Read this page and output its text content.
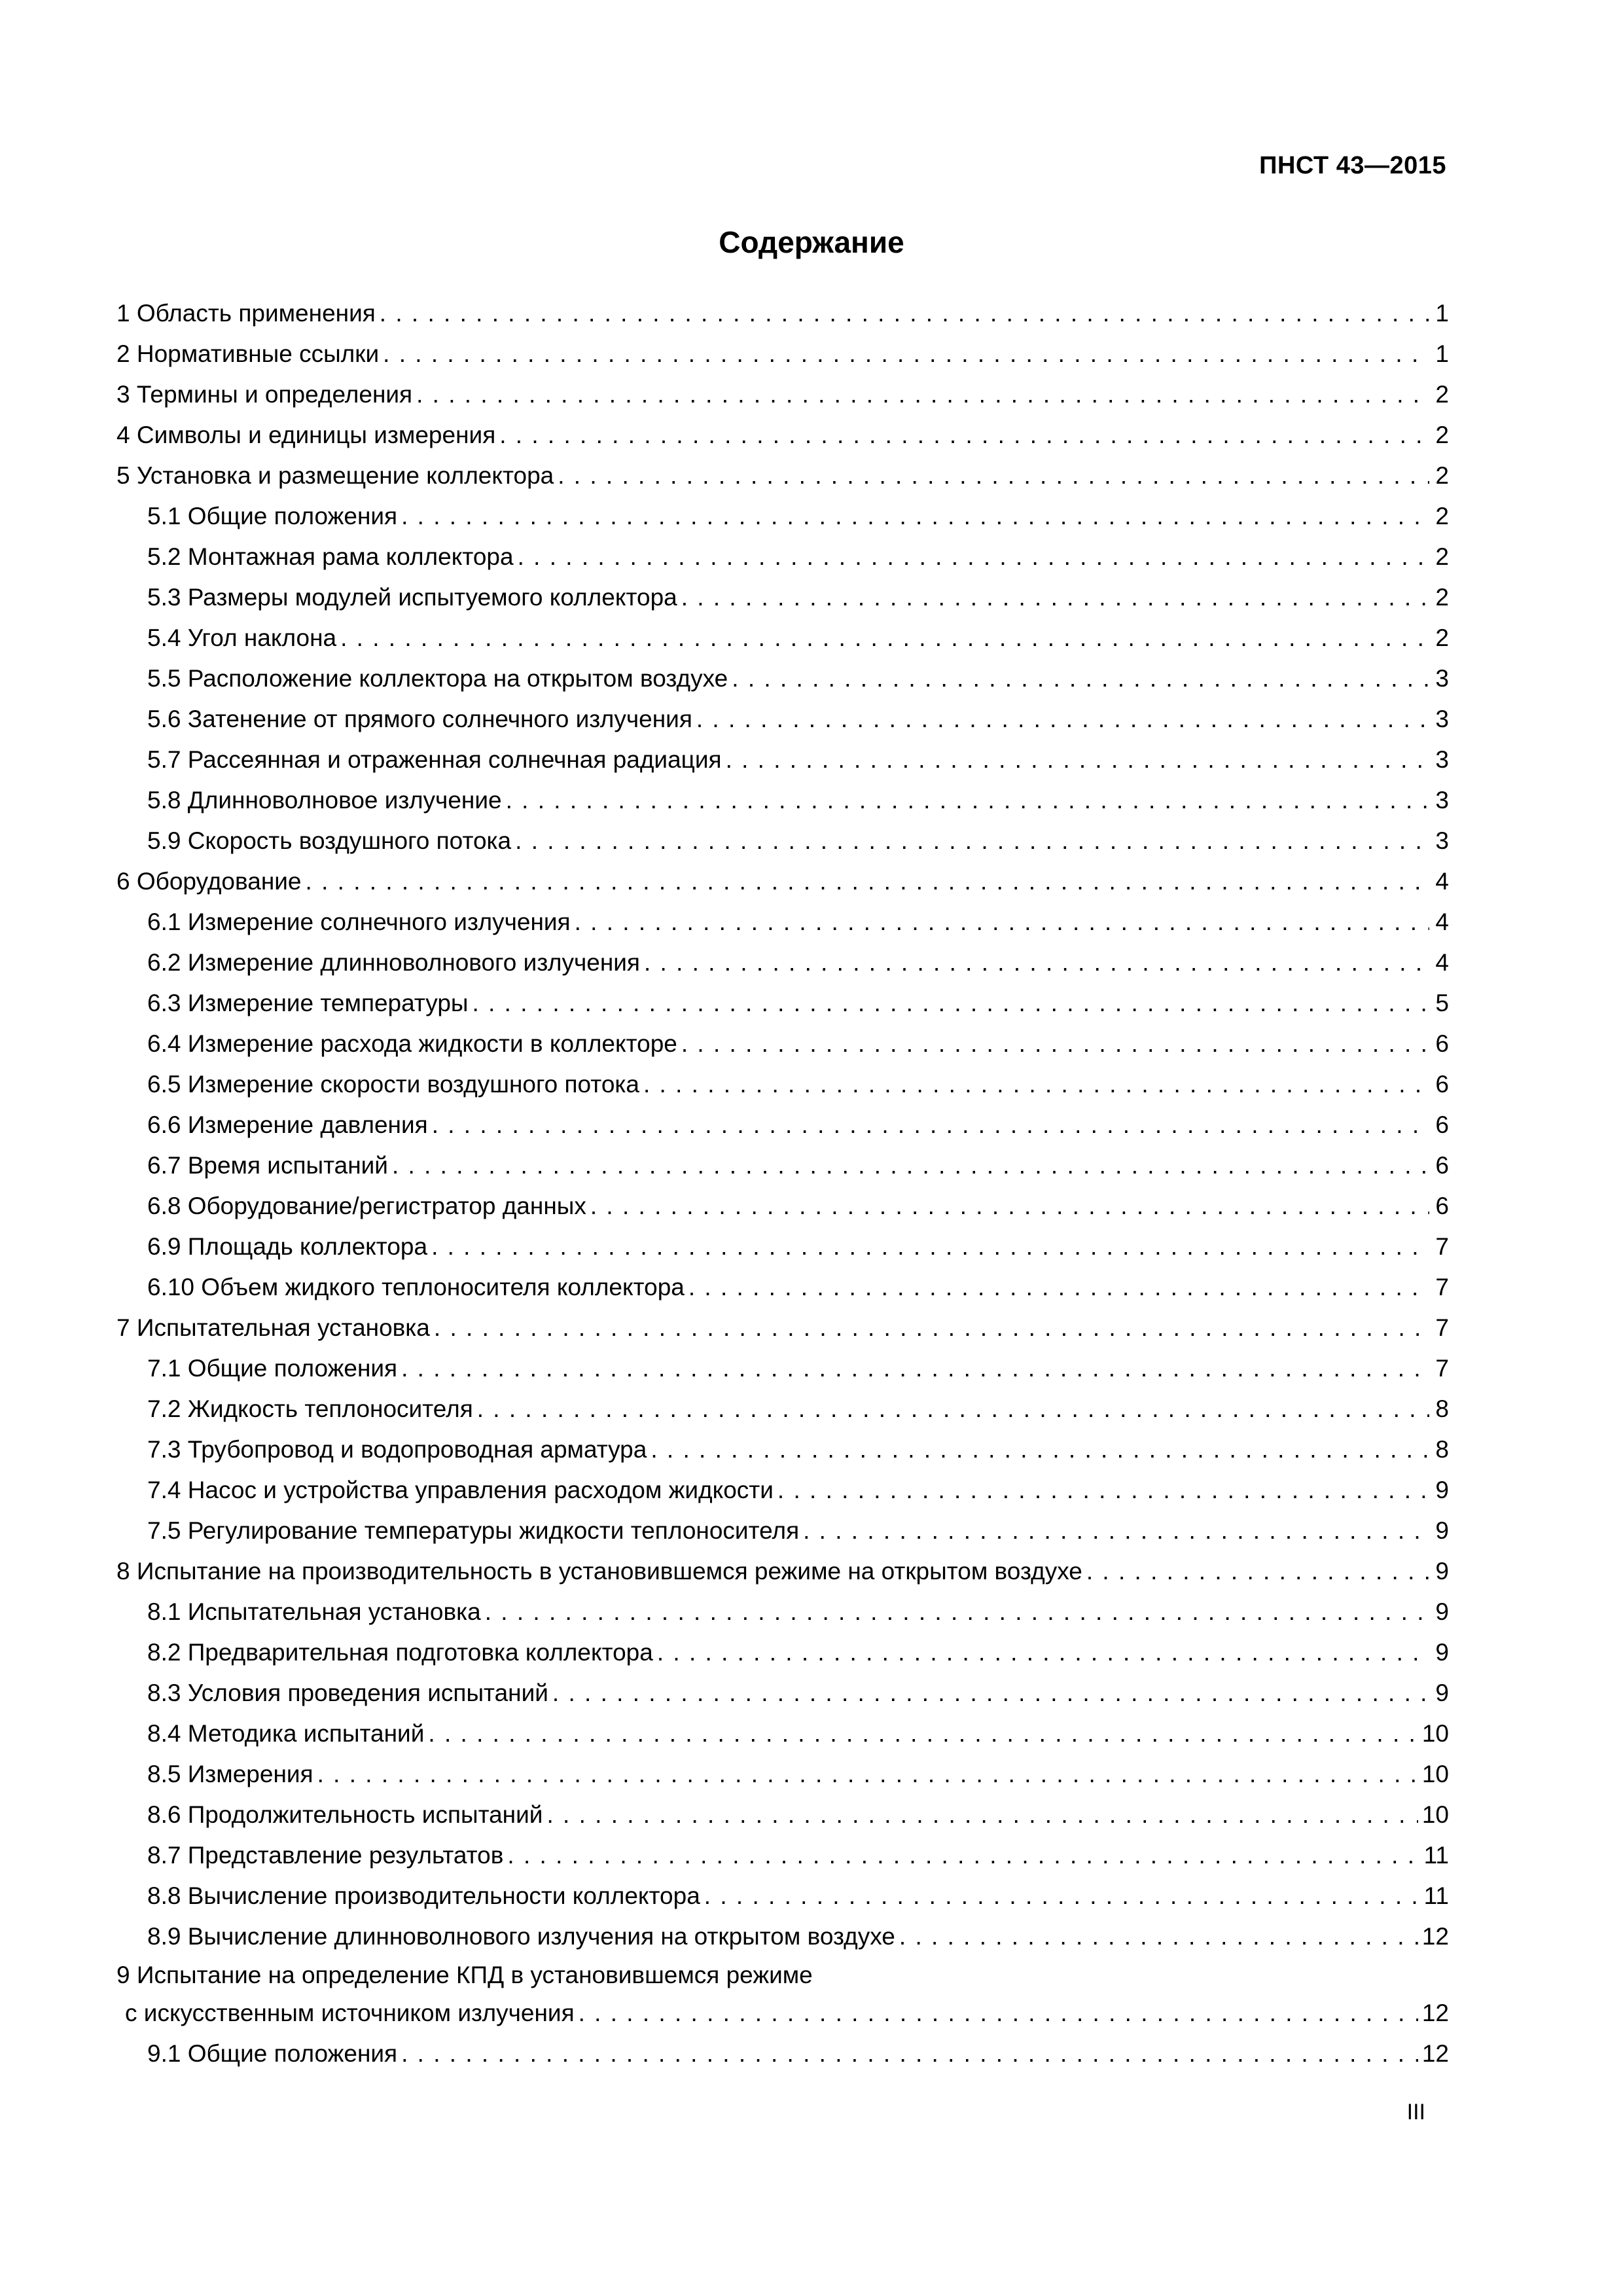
ПНСТ 43—2015
Содержание
1 Область применения . . .	1
2 Нормативные ссылки . . .	1
3 Термины и определения . . .	2
4 Символы и единицы измерения . . .	2
5 Установка и размещение коллектора . . .	2
5.1 Общие положения . . .	2
5.2 Монтажная рама коллектора . . .	2
5.3 Размеры модулей испытуемого коллектора . . .	2
5.4 Угол наклона . . .	2
5.5 Расположение коллектора на открытом воздухе . . .	3
5.6 Затенение от прямого солнечного излучения . . .	3
5.7 Рассеянная и отраженная солнечная радиация . . .	3
5.8 Длинноволновое излучение . . .	3
5.9 Скорость воздушного потока . . .	3
6 Оборудование . . .	4
6.1 Измерение солнечного излучения . . .	4
6.2 Измерение длинноволнового излучения . . .	4
6.3 Измерение температуры . . .	5
6.4 Измерение расхода жидкости в коллекторе . . .	6
6.5 Измерение скорости воздушного потока . . .	6
6.6 Измерение давления . . .	6
6.7 Время испытаний . . .	6
6.8 Оборудование/регистратор данных . . .	6
6.9 Площадь коллектора . . .	7
6.10 Объем жидкого теплоносителя коллектора . . .	7
7 Испытательная установка . . .	7
7.1 Общие положения . . .	7
7.2 Жидкость теплоносителя . . .	8
7.3 Трубопровод и водопроводная арматура . . .	8
7.4 Насос и устройства управления расходом жидкости . . .	9
7.5 Регулирование температуры жидкости теплоносителя . . .	9
8 Испытание на производительность в установившемся режиме на открытом воздухе . . .	9
8.1 Испытательная установка . . .	9
8.2 Предварительная подготовка коллектора . . .	9
8.3 Условия проведения испытаний . . .	9
8.4 Методика испытаний . . .	10
8.5 Измерения . . .	10
8.6 Продолжительность испытаний . . .	10
8.7 Представление результатов . . .	11
8.8 Вычисление производительности коллектора . . .	11
8.9 Вычисление длинноволнового излучения на открытом воздухе . . .	12
9 Испытание на определение КПД в установившемся режиме
с искусственным источником излучения . . .	12
9.1 Общие положения . . .	12
III
